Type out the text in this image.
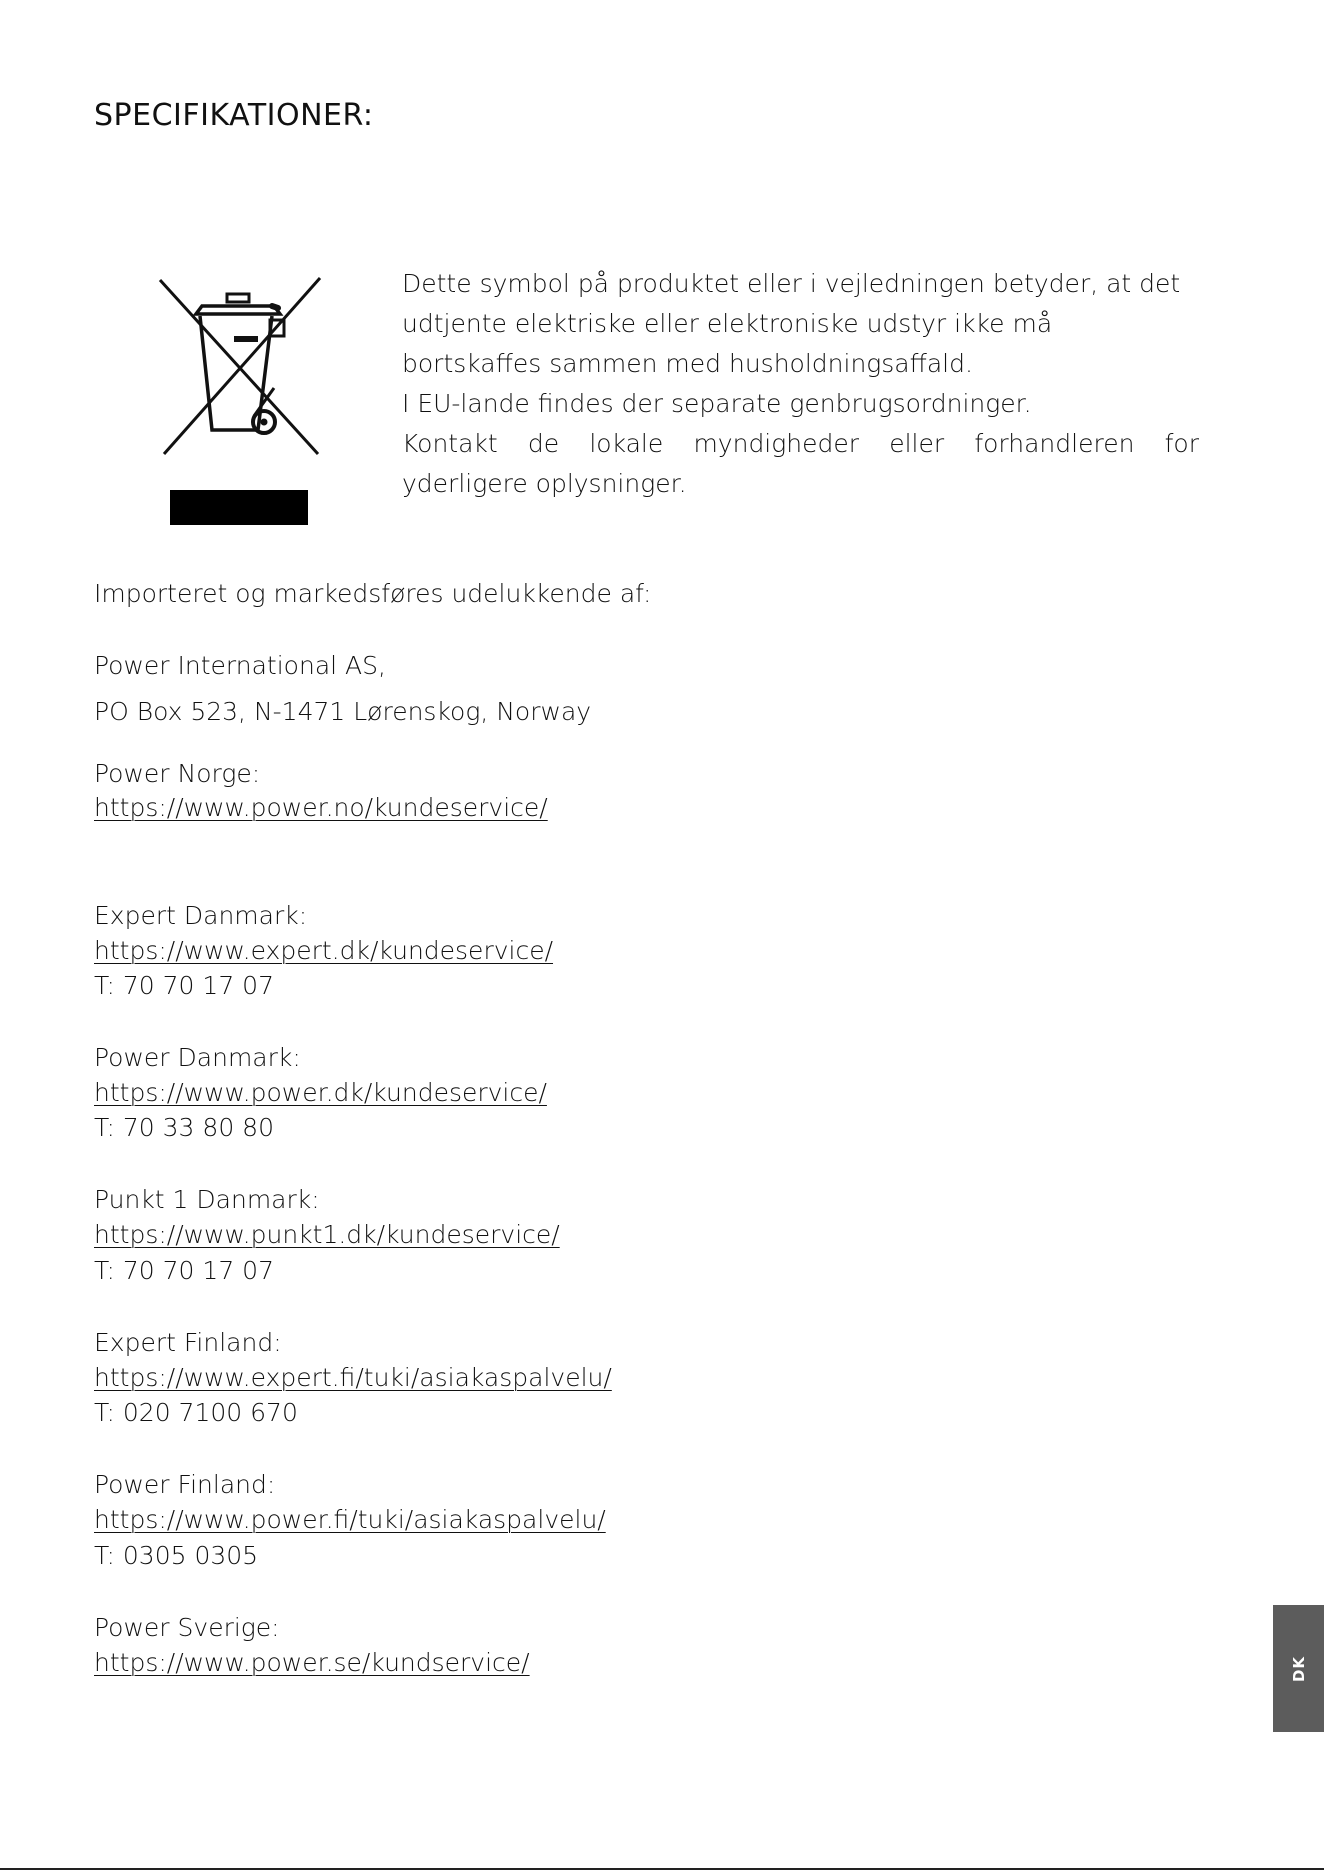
SPECIFIKATIONER:

Dette symbol på produktet eller i vejledningen betyder, at det
udtjente elektriske eller elektroniske udstyr ikke må
bortskaffes sammen med husholdningsaffald.
I EU-lande findes der separate genbrugsordninger.
Kontakt de lokale myndigheder eller forhandleren for
yderligere oplysninger.

Importeret og markedsføres udelukkende af:

Power International AS,

PO Box 523, N-1471 Lørenskog, Norway

Power Norge:

https://www.power.no/kundeservice/

Expert Danmark:

https://www.expert.dk/kundeservice/

T: 70 70 17 07

Power Danmark:

https://www.power.dk/kundeservice/

T: 70 33 80 80

Punkt 1 Danmark:

https://www.punkt1.dk/kundeservice/

T: 70 70 17 07

Expert Finland:

https://www.expert.fi/tuki/asiakaspalvelu/

T: 020 7100 670

Power Finland:

https://www.power.fi/tuki/asiakaspalvelu/

T: 0305 0305

Power Sverige:

https://www.power.se/kundservice/	DK
